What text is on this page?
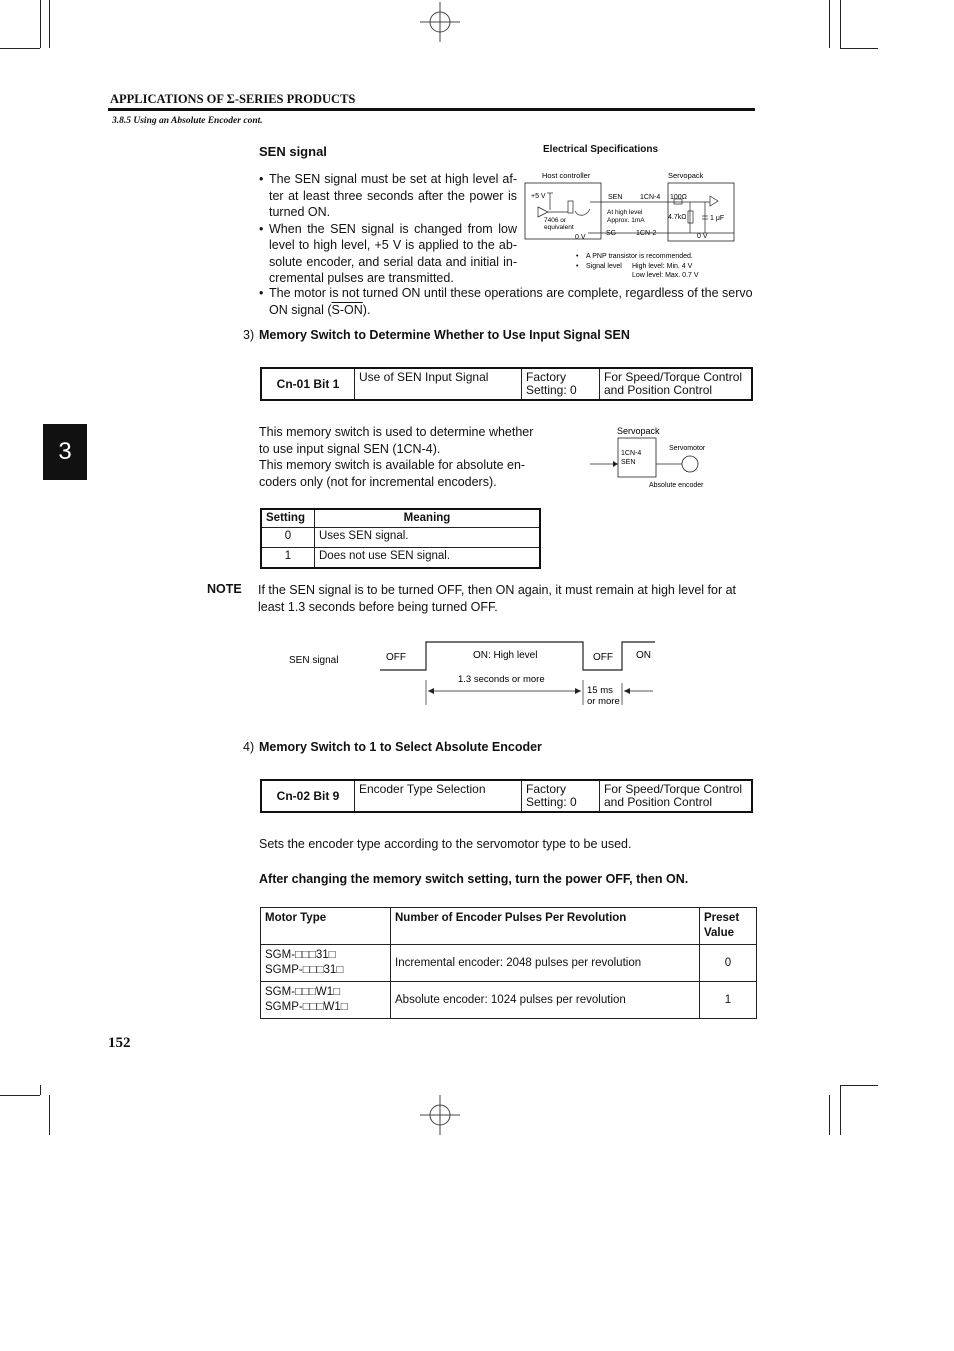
APPLICATIONS OF Σ-SERIES PRODUCTS
3.8.5 Using an Absolute Encoder cont.
3
SEN signal
• The SEN signal must be set at high level af-ter at least three seconds after the power is turned ON.
• When the SEN signal is changed from low level to high level, +5 V is applied to the ab-solute encoder, and serial data and initial in-cremental pulses are transmitted.
• The motor is not turned ON until these operations are complete, regardless of the servo
ON signal (S-ON).
Electrical Specifications
Host controller	Servopack
+5 V
7406 or
equivalent
0 V
SEN	1CN-4
SG	1CN-2
At high level
Approx. 1mA
100Ω
4.7kΩ	1 μF
0 V
• A PNP transistor is recommended.
• Signal level High level: Min. 4 V
Low level: Max. 0.7 V
3) Memory Switch to Determine Whether to Use Input Signal SEN
Cn-01 Bit 1	Use of SEN Input Signal	Factory
Setting: 0	For Speed/Torque Control
and Position Control
This memory switch is used to determine whether
to use input signal SEN (1CN-4).
This memory switch is available for absolute en-
coders only (not for incremental encoders).
Servopack
1CN-4
SEN
Servomotor
Absolute encoder
Setting	Meaning
0	Uses SEN signal.
1	Does not use SEN signal.
NOTE If the SEN signal is to be turned OFF, then ON again, it must remain at high level for at
least 1.3 seconds before being turned OFF.
SEN signal	OFF	ON: High level	OFF ON
1.3 seconds or more
15 ms
or more
4) Memory Switch to 1 to Select Absolute Encoder
Cn-02 Bit 9	Encoder Type Selection	Factory
Setting: 0	For Speed/Torque Control
and Position Control
Sets the encoder type according to the servomotor type to be used.
After changing the memory switch setting, turn the power OFF, then ON.
Motor Type	Number of Encoder Pulses Per Revolution	Preset
Value
SGM-□□□31□
SGMP-□□□31□	Incremental encoder: 2048 pulses per revolution	0
SGM-□□□W1□
SGMP-□□□W1□	Absolute encoder: 1024 pulses per revolution	1
152
